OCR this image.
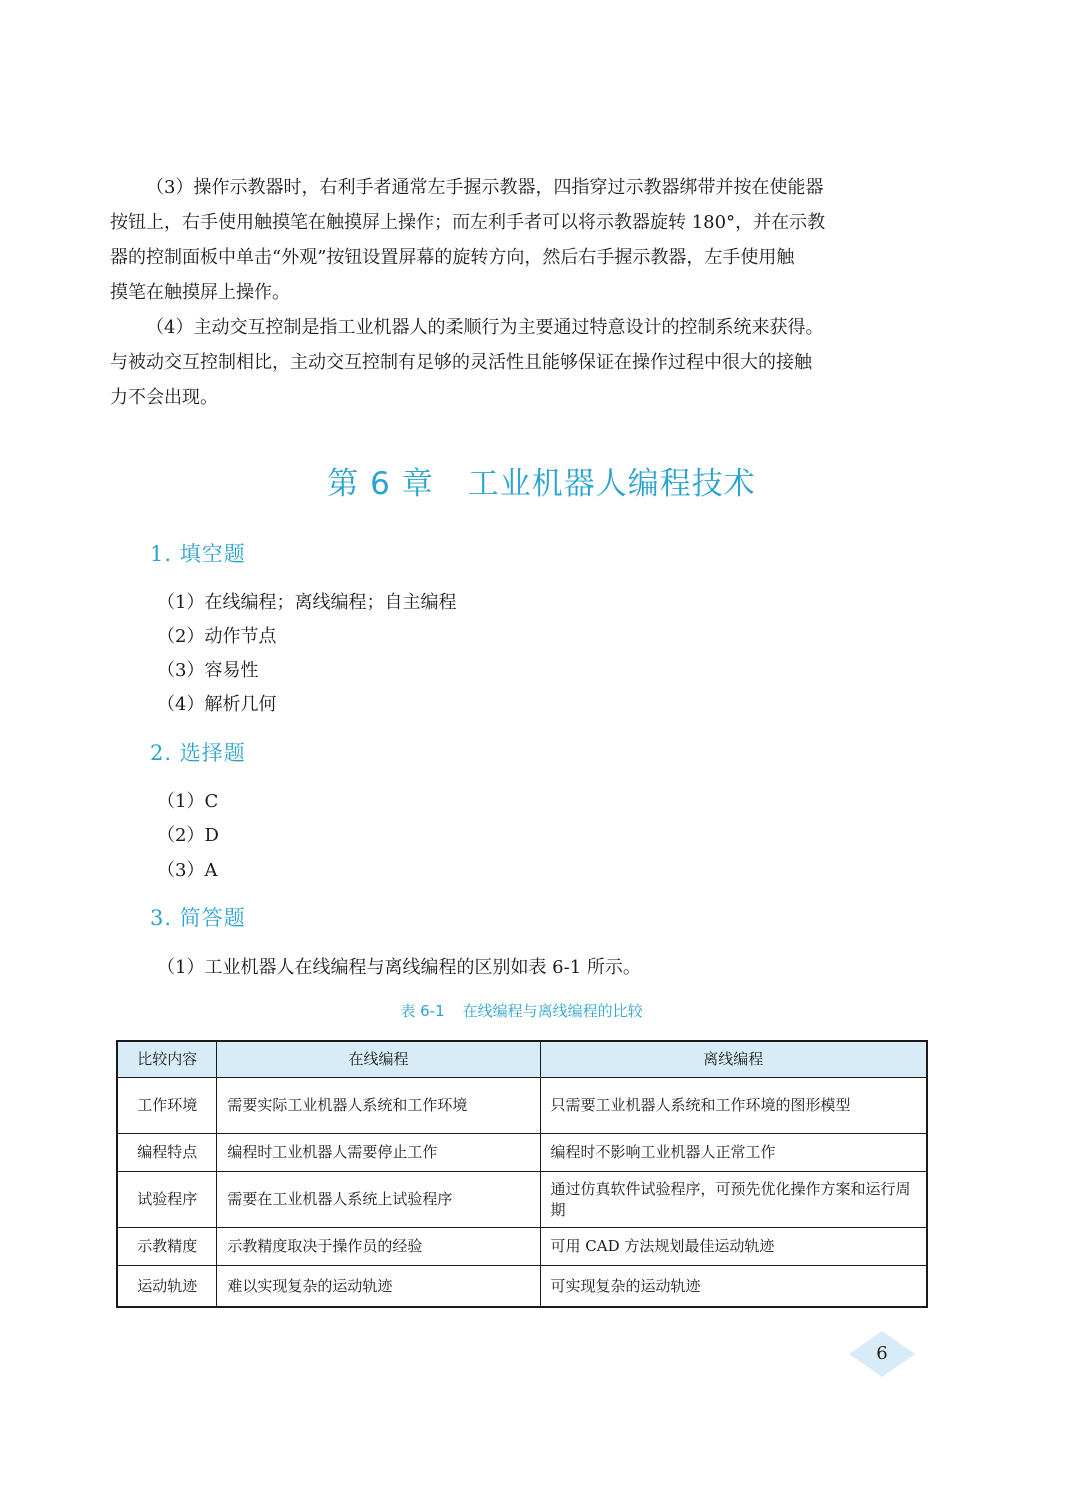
（3）操作示教器时，右利手者通常左手握示教器，四指穿过示教器绑带并按在使能器
按钮上，右手使用触摸笔在触摸屏上操作；而左利手者可以将示教器旋转 180°，并在示教
器的控制面板中单击“外观”按钮设置屏幕的旋转方向，然后右手握示教器，左手使用触
摸笔在触摸屏上操作。
（4）主动交互控制是指工业机器人的柔顺行为主要通过特意设计的控制系统来获得。
与被动交互控制相比，主动交互控制有足够的灵活性且能够保证在操作过程中很大的接触
力不会出现。
第 6 章 工业机器人编程技术
1. 填空题

（1）在线编程；离线编程；自主编程

（2）动作节点

（3）容易性

（4）解析几何

2. 选择题

（1）C

（2）D

（3）A

3. 简答题

（1）工业机器人在线编程与离线编程的区别如表 6-1 所示。

表 6-1 在线编程与离线编程的比较

比较内容	在线编程	离线编程
工作环境	需要实际工业机器人系统和工作环境	只需要工业机器人系统和工作环境的图形模型
编程特点	编程时工业机器人需要停止工作	编程时不影响工业机器人正常工作
试验程序	需要在工业机器人系统上试验程序	通过仿真软件试验程序，可预先优化操作方案和运行周期
示教精度	示教精度取决于操作员的经验	可用 CAD 方法规划最佳运动轨迹
运动轨迹	难以实现复杂的运动轨迹	可实现复杂的运动轨迹
6
